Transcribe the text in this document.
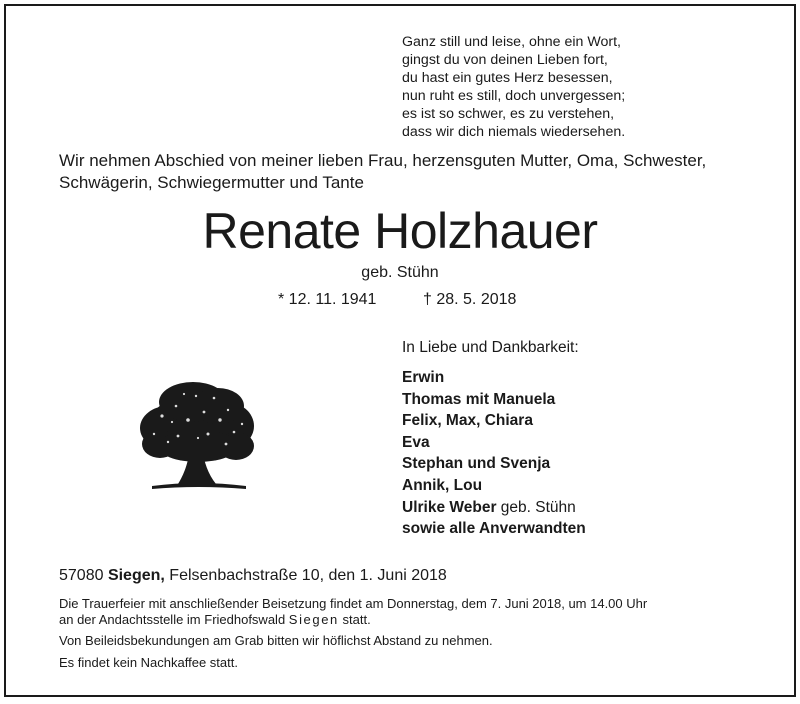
Ganz still und leise, ohne ein Wort,
gingst du von deinen Lieben fort,
du hast ein gutes Herz besessen,
nun ruht es still, doch unvergessen;
es ist so schwer, es zu verstehen,
dass wir dich niemals wiedersehen.
Wir nehmen Abschied von meiner lieben Frau, herzensguten Mutter, Oma, Schwester,
Schwägerin, Schwiegermutter und Tante
Renate Holzhauer
geb. Stühn
* 12. 11. 1941	† 28. 5. 2018
In Liebe und Dankbarkeit:
Erwin
Thomas mit Manuela
Felix, Max, Chiara
Eva
Stephan und Svenja
Annik, Lou
Ulrike Weber geb. Stühn
sowie alle Anverwandten
57080 Siegen, Felsenbachstraße 10, den 1. Juni 2018

Die Trauerfeier mit anschließender Beisetzung findet am Donnerstag, dem 7. Juni 2018, um 14.00 Uhr

an der Andachtsstelle im Friedhofswald Siegen statt.

Von Beileidsbekundungen am Grab bitten wir höflichst Abstand zu nehmen.

Es findet kein Nachkaffee statt.
